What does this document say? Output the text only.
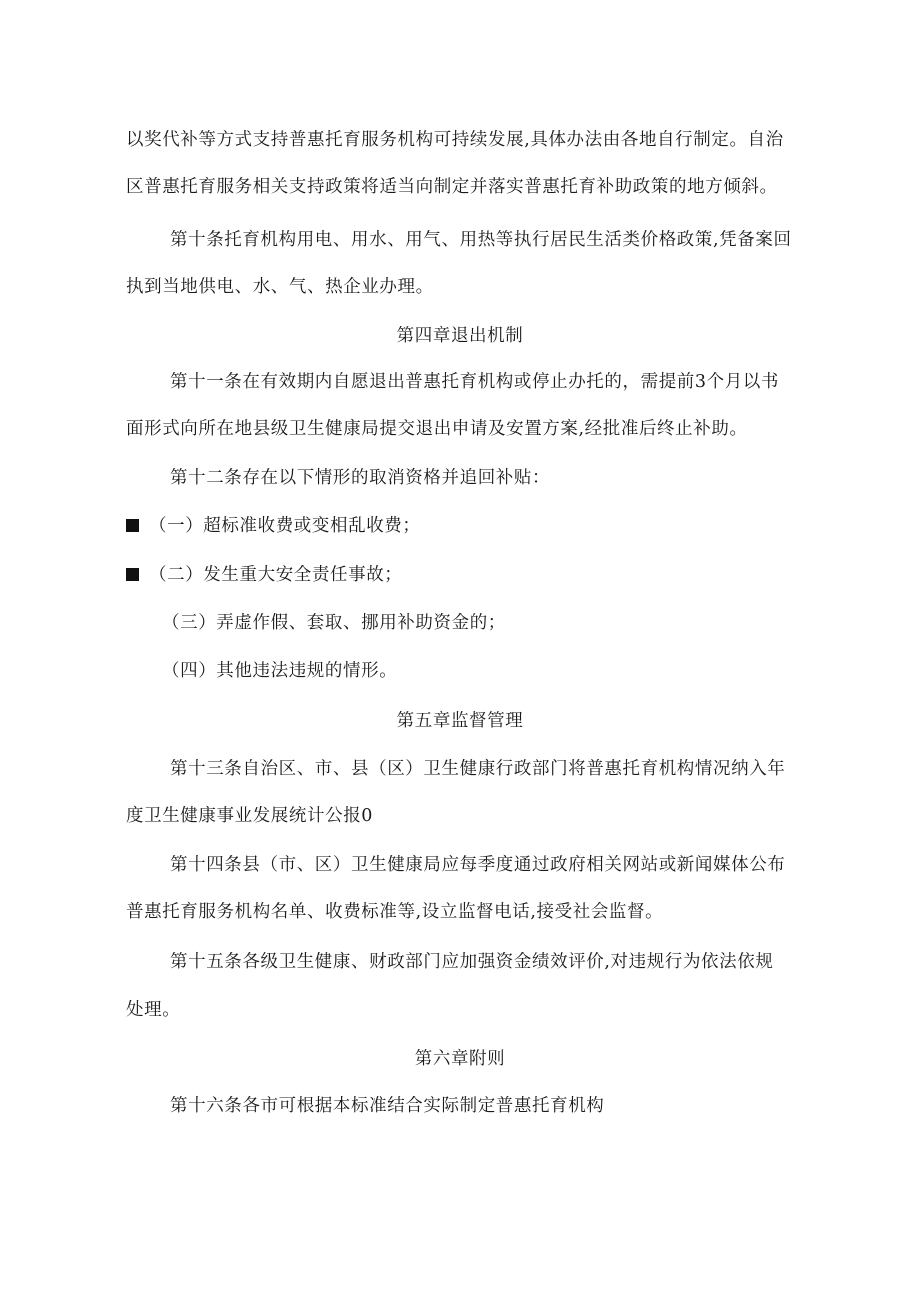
以奖代补等方式支持普惠托育服务机构可持续发展,具体办法由各地自行制定。自治
区普惠托育服务相关支持政策将适当向制定并落实普惠托育补助政策的地方倾斜。
第十条托育机构用电、用水、用气、用热等执行居民生活类价格政策,凭备案回
执到当地供电、水、气、热企业办理。
第四章退出机制
第十一条在有效期内自愿退出普惠托育机构或停止办托的，需提前3个月以书
面形式向所在地县级卫生健康局提交退出申请及安置方案,经批准后终止补助。
第十二条存在以下情形的取消资格并追回补贴：
（一）超标准收费或变相乱收费；
（二）发生重大安全责任事故；
（三）弄虚作假、套取、挪用补助资金的；
（四）其他违法违规的情形。
第五章监督管理
第十三条自治区、市、县（区）卫生健康行政部门将普惠托育机构情况纳入年
度卫生健康事业发展统计公报0
第十四条县（市、区）卫生健康局应每季度通过政府相关网站或新闻媒体公布
普惠托育服务机构名单、收费标准等,设立监督电话,接受社会监督。
第十五条各级卫生健康、财政部门应加强资金绩效评价,对违规行为依法依规
处理。
第六章附则
第十六条各市可根据本标准结合实际制定普惠托育机构
